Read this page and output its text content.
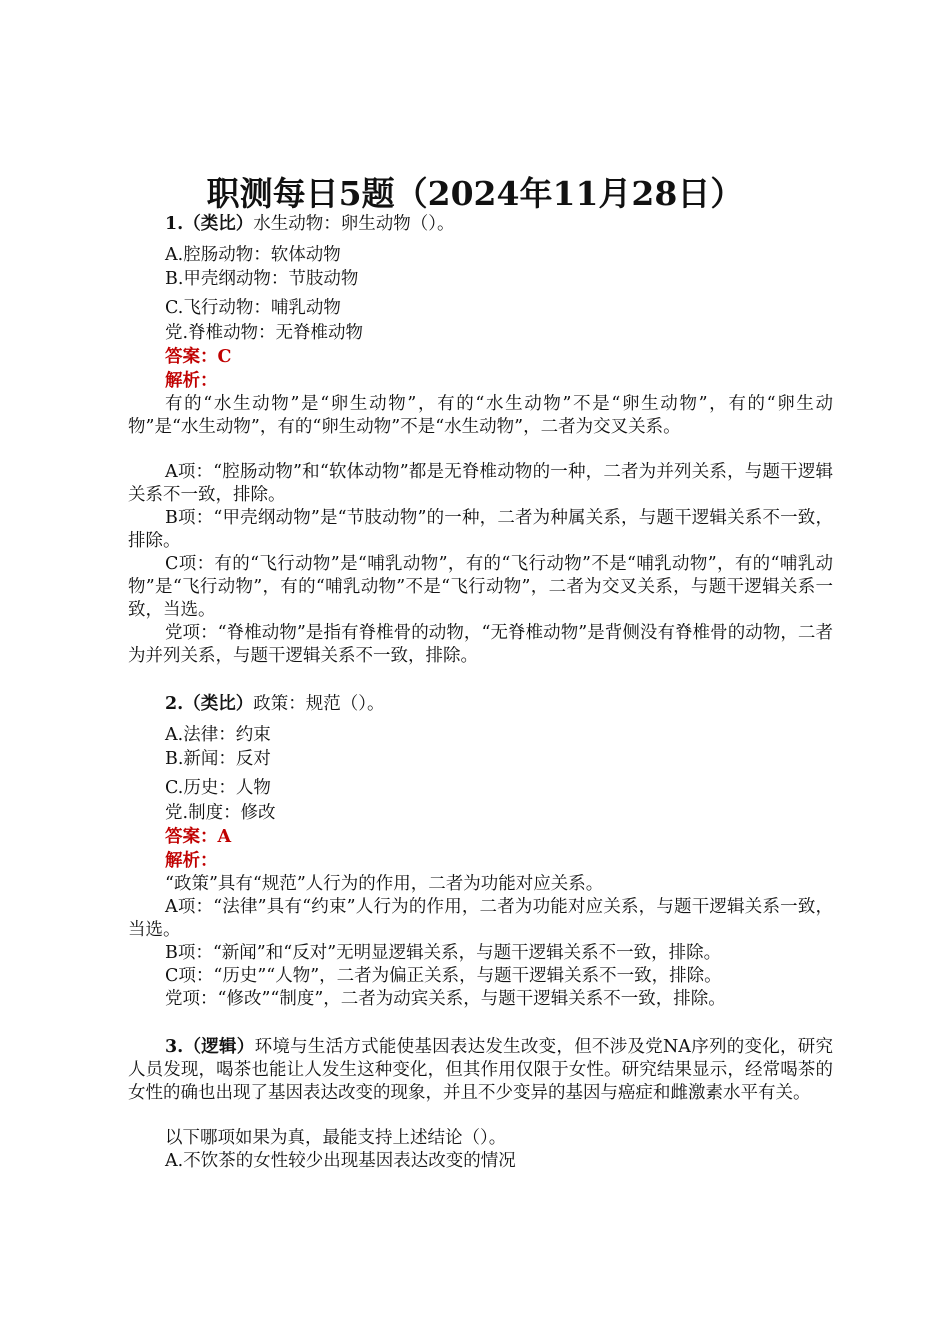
职测每日5题（2024年11月28日）
1.（类比）水生动物：卵生动物（）。
A.腔肠动物：软体动物
B.甲壳纲动物：节肢动物
C.飞行动物：哺乳动物
党.脊椎动物：无脊椎动物
答案：C
解析：
有的“水生动物”是“卵生动物”，有的“水生动物”不是“卵生动物”，有的“卵生动物”是“水生动物”，有的“卵生动物”不是“水生动物”，二者为交叉关系。
A项：“腔肠动物”和“软体动物”都是无脊椎动物的一种，二者为并列关系，与题干逻辑关系不一致，排除。
B项：“甲壳纲动物”是“节肢动物”的一种，二者为种属关系，与题干逻辑关系不一致，排除。
C项：有的“飞行动物”是“哺乳动物”，有的“飞行动物”不是“哺乳动物”，有的“哺乳动物”是“飞行动物”，有的“哺乳动物”不是“飞行动物”，二者为交叉关系，与题干逻辑关系一致，当选。
党项：“脊椎动物”是指有脊椎骨的动物，“无脊椎动物”是背侧没有脊椎骨的动物，二者为并列关系，与题干逻辑关系不一致，排除。
2.（类比）政策：规范（）。
A.法律：约束
B.新闻：反对
C.历史：人物
党.制度：修改
答案：A
解析：
“政策”具有“规范”人行为的作用，二者为功能对应关系。
A项：“法律”具有“约束”人行为的作用，二者为功能对应关系，与题干逻辑关系一致，当选。
B项：“新闻”和“反对”无明显逻辑关系，与题干逻辑关系不一致，排除。
C项：“历史”“人物”，二者为偏正关系，与题干逻辑关系不一致，排除。
党项：“修改”“制度”，二者为动宾关系，与题干逻辑关系不一致，排除。
3.（逻辑）环境与生活方式能使基因表达发生改变，但不涉及党NA序列的变化，研究人员发现，喝茶也能让人发生这种变化，但其作用仅限于女性。研究结果显示，经常喝茶的女性的确也出现了基因表达改变的现象，并且不少变异的基因与癌症和雌激素水平有关。
以下哪项如果为真，最能支持上述结论（）。
A.不饮茶的女性较少出现基因表达改变的情况
